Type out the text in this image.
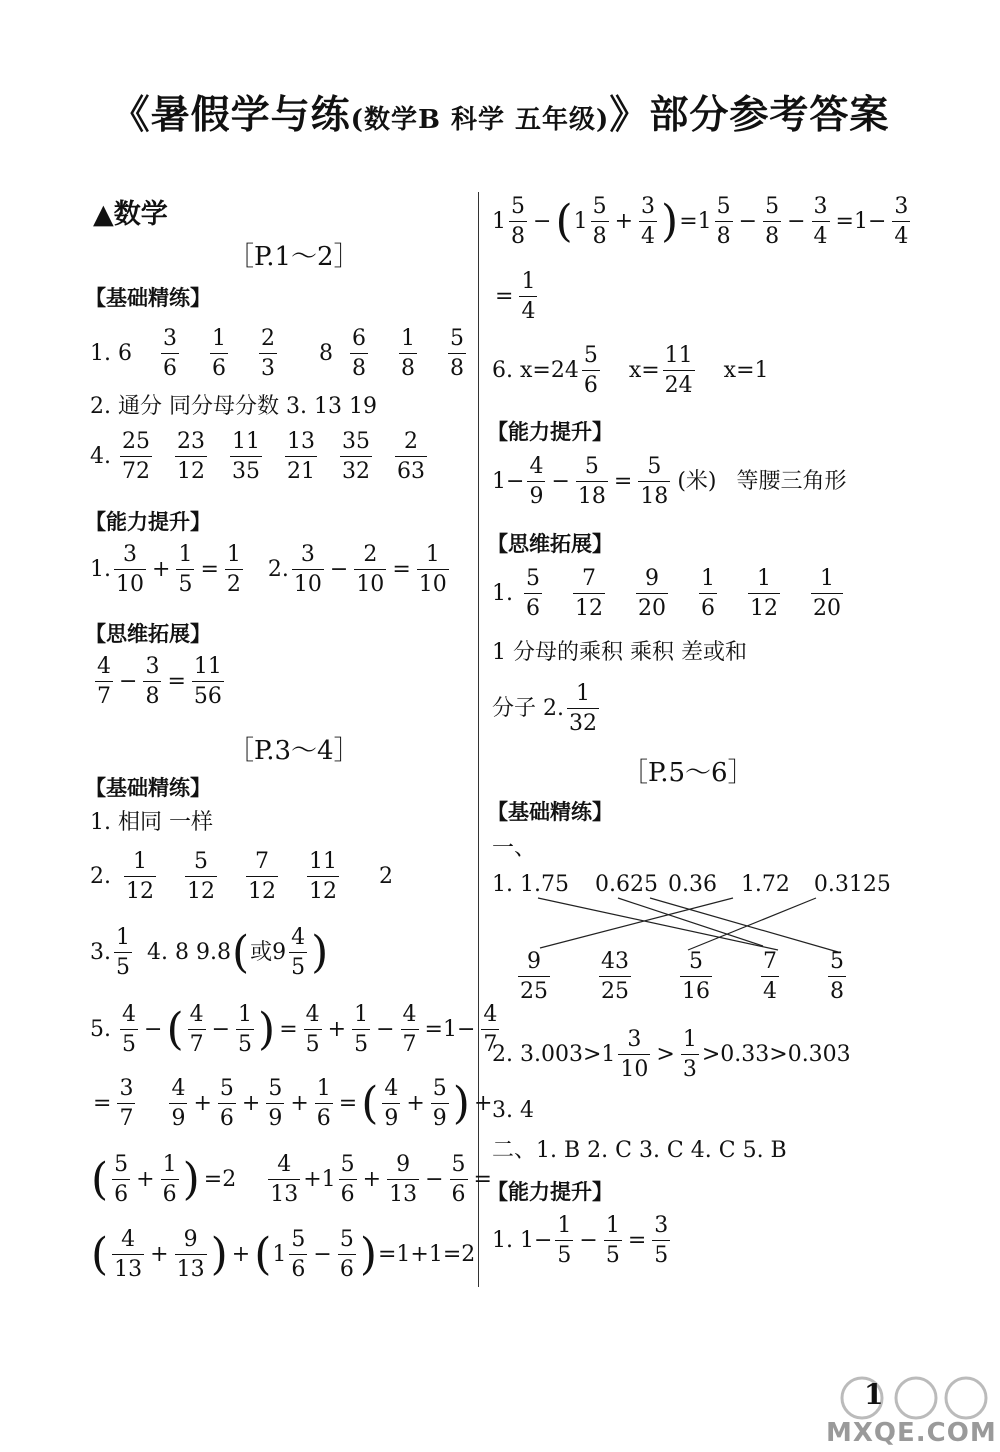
《暑假学与练(数学B 科学 五年级)》部分参考答案
▲数学
［P.1～2］
【基础精练】
1. $6 \frac{3}{6} \frac{1}{6} \frac{2}{3} 8 \frac{6}{8} \frac{1}{8} \frac{5}{8}$
2. 通分 同分母分数 3. 13 19
4. $\frac{25}{72} \frac{23}{12} \frac{11}{35} \frac{13}{21} \frac{35}{32} \frac{2}{63}$
【能力提升】
1. $\frac{3}{10} + \frac{1}{5} = \frac{1}{2} 2$. $\frac{3}{10} - \frac{2}{10} = \frac{1}{10}$
【思维拓展】
$\frac{4}{7} - \frac{3}{8} = \frac{11}{56}$
［P.3～4］
【基础精练】
1. 相同 一样
2. $\frac{1}{12} \frac{5}{12} \frac{7}{12} \frac{11}{12} 2$
3. $\frac{1}{5} 4$. 8 9.8 ( 或$9 \frac{4}{5}$ )
5. $\frac{4}{5}$ − ( $\frac{4}{7} - \frac{1}{5}$ ) = $\frac{4}{5} + \frac{1}{5} - \frac{4}{7} =1- \frac{4}{7}$
= $\frac{3}{7} \frac{4}{9} + \frac{5}{6} + \frac{5}{9} + \frac{1}{6}$ = ( $\frac{4}{9} + \frac{5}{9}$ ) +
( $\frac{5}{6} + \frac{1}{6}$ ) $=2 \frac{4}{13} +1 \frac{5}{6} + \frac{9}{13} - \frac{5}{6}$ =
( $\frac{4}{13} + \frac{9}{13}$ ) + ( $1 \frac{5}{6} - \frac{5}{6}$ ) =1+1=2
$1 \frac{5}{8}$ − ( $1 \frac{5}{8} + \frac{3}{4}$ ) $=1 \frac{5}{8} - \frac{5}{8} - \frac{3}{4} =1- \frac{3}{4}$
= $\frac{1}{4}$
6. $x=24 \frac{5}{6} x= \frac{11}{24} x=1$
【能力提升】
$1- \frac{4}{9} - \frac{5}{18} = \frac{5}{18}$ (米) 等腰三角形
【思维拓展】
1. $\frac{5}{6} \frac{7}{12} \frac{9}{20} \frac{1}{6} \frac{1}{12} \frac{1}{20}$
1 分母的乘积 乘积 差或和
分子 2. $\frac{1}{32}$
［P.5～6］
【基础精练】
一、
1. 1.75 0.625 0.36 1.72 0.3125
$\frac{9}{25} \frac{43}{25} \frac{5}{16} \frac{7}{4} \frac{5}{8}$
2. $3.003>1 \frac{3}{10} > \frac{1}{3} >0.33>0.303$
3. 4
二、1. B 2. C 3. C 4. C 5. B
【能力提升】
1. $1- \frac{1}{5} - \frac{1}{5} = \frac{3}{5}$
1
MXQE.COM
